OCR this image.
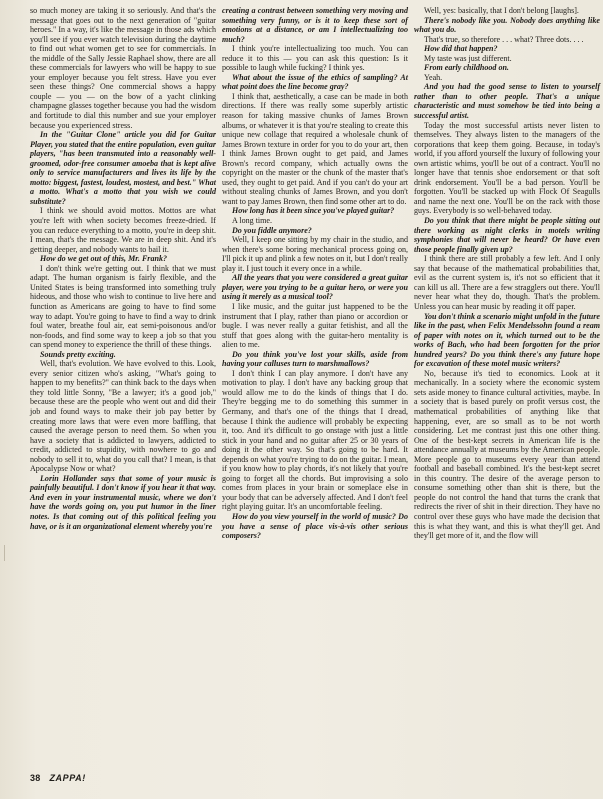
so much money are taking it so seriously. And that's the message that goes out to the next generation of "guitar heroes." In a way, it's like the message in those ads which you'll see if you ever watch television during the daytime to find out what women get to see for commercials. In the middle of the Sally Jessie Raphael show, there are all these commercials for lawyers who will be happy to sue your employer because you felt stress. Have you ever seen these things? One commercial shows a happy couple — you — on the bow of a yacht clinking champagne glasses together because you had the wisdom and fortitude to dial this number and sue your employer because you experienced stress.

In the "Guitar Clone" article you did for Guitar Player, you stated that the entire population, even guitar players, "has been transmuted into a reasonably well-groomed, odor-free consumer amoeba that is kept alive only to service manufacturers and lives its life by the motto: biggest, fastest, loudest, mostest, and best." What a motto. What's a motto that you wish we could substitute?

I think we should avoid mottos. Mottos are what you're left with when society becomes freeze-dried. If you can reduce everything to a motto, you're in deep shit. I mean, that's the message. We are in deep shit. And it's getting deeper, and nobody wants to bail it.

How do we get out of this, Mr. Frank?

I don't think we're getting out. I think that we must adapt. The human organism is fairly flexible, and the United States is being transformed into something truly hideous, and those who wish to continue to live here and function as Americans are going to have to find some way to adapt. You're going to have to find a way to drink foul water, breathe foul air, eat semi-poisonous and/or non-foods, and find some way to keep a job so that you can spend money to experience the thrill of these things.

Sounds pretty exciting.

Well, that's evolution. We have evolved to this. Look, every senior citizen who's asking, "What's going to happen to my benefits?" can think back to the days when they told little Sonny, "Be a lawyer; it's a good job," because these are the people who went out and did their job and found ways to make their job pay better by creating more laws that were even more baffling, that caused the average person to need them. So when you have a society that is addicted to lawyers, addicted to credit, addicted to stupidity, with nowhere to go and nobody to sell it to, what do you call that? I mean, is that Apocalypse Now or what?

Lorin Hollander says that some of your music is painfully beautiful. I don't know if you hear it that way. And even in your instrumental music, where we don't have the words going on, you put humor in the liner notes. Is that coming out of this political feeling you have, or is it an organizational element whereby you're

creating a contrast between something very moving and something very funny, or is it to keep these sort of emotions at a distance, or am I intellectualizing too much?

I think you're intellectualizing too much. You can reduce it to this — you can ask this question: Is it possible to laugh while fucking? I think yes.

What about the issue of the ethics of sampling? At what point does the line become gray?

I think that, aesthetically, a case can be made in both directions. If there was really some superbly artistic reason for taking massive chunks of James Brown albums, or whatever it is that you're stealing to create this unique new collage that required a wholesale chunk of James Brown texture in order for you to do your art, then I think James Brown ought to get paid, and James Brown's record company, which actually owns the copyright on the master or the chunk of the master that's used, they ought to get paid. And if you can't do your art without stealing chunks of James Brown, and you don't want to pay James Brown, then find some other art to do.

How long has it been since you've played guitar?

A long time.

Do you fiddle anymore?

Well, I keep one sitting by my chair in the studio, and when there's some boring mechanical process going on, I'll pick it up and plink a few notes on it, but I don't really play it. I just touch it every once in a while.

All the years that you were considered a great guitar player, were you trying to be a guitar hero, or were you using it merely as a musical tool?

I like music, and the guitar just happened to be the instrument that I play, rather than piano or accordion or bugle. I was never really a guitar fetishist, and all the stuff that goes along with the guitar-hero mentality is alien to me.

Do you think you've lost your skills, aside from having your calluses turn to marshmallows?

I don't think I can play anymore. I don't have any motivation to play. I don't have any backing group that would allow me to do the kinds of things that I do. They're begging me to do something this summer in Germany, and that's one of the things that I dread, because I think the audience will probably be expecting it, too. And it's difficult to go onstage with just a little stick in your hand and no guitar after 25 or 30 years of doing it the other way. So that's going to be hard. It depends on what you're trying to do on the guitar. I mean, if you know how to play chords, it's not likely that you're going to forget all the chords. But improvising a solo comes from places in your brain or someplace else in your body that can be adversely affected. And I don't feel right playing guitar. It's an uncomfortable feeling.

How do you view yourself in the world of music? Do you have a sense of place vis-à-vis other serious composers?

Well, yes: basically, that I don't belong [laughs].

There's nobody like you. Nobody does anything like what you do.

That's true, so therefore . . . what? Three dots. . . .

How did that happen?

My taste was just different.

From early childhood on.

Yeah.

And you had the good sense to listen to yourself rather than to other people. That's a unique characteristic and must somehow be tied into being a successful artist.

Today the most successful artists never listen to themselves. They always listen to the managers of the corporations that keep them going. Because, in today's world, if you afford yourself the luxury of following your own artistic whims, you'll be out of a contract. You'll no longer have that tennis shoe endorsement or that soft drink endorsement. You'll be a bad person. You'll be forgotten. You'll be stacked up with Flock Of Seagulls and name the next one. You'll be on the rack with those guys. Everybody is so well-behaved today.

Do you think that there might be people sitting out there working as night clerks in motels writing symphonies that will never be heard? Or have even those people finally given up?

I think there are still probably a few left. And I only say that because of the mathematical probabilities that, evil as the current system is, it's not so efficient that it can kill us all. There are a few stragglers out there. You'll never hear what they do, though. That's the problem. Unless you can hear music by reading it off paper.

You don't think a scenario might unfold in the future like in the past, when Felix Mendelssohn found a ream of paper with notes on it, which turned out to be the works of Bach, who had been forgotten for the prior hundred years? Do you think there's any future hope for excavation of these motel music writers?

No, because it's tied to economics. Look at it mechanically. In a society where the economic system sets aside money to finance cultural activities, maybe. In a society that is based purely on profit versus cost, the mathematical probabilities of anything like that happening, ever, are so small as to be not worth considering. Let me contrast just this one other thing. One of the best-kept secrets in American life is the attendance annually at museums by the American people. More people go to museums every year than attend football and baseball combined. It's the best-kept secret in this country. The desire of the average person to consume something other than shit is there, but the people do not control the hand that turns the crank that redirects the river of shit in their direction. They have no control over these guys who have made the decision that this is what they want, and this is what they'll get. And they'll get more of it, and the flow will

38 ZAPPA!
